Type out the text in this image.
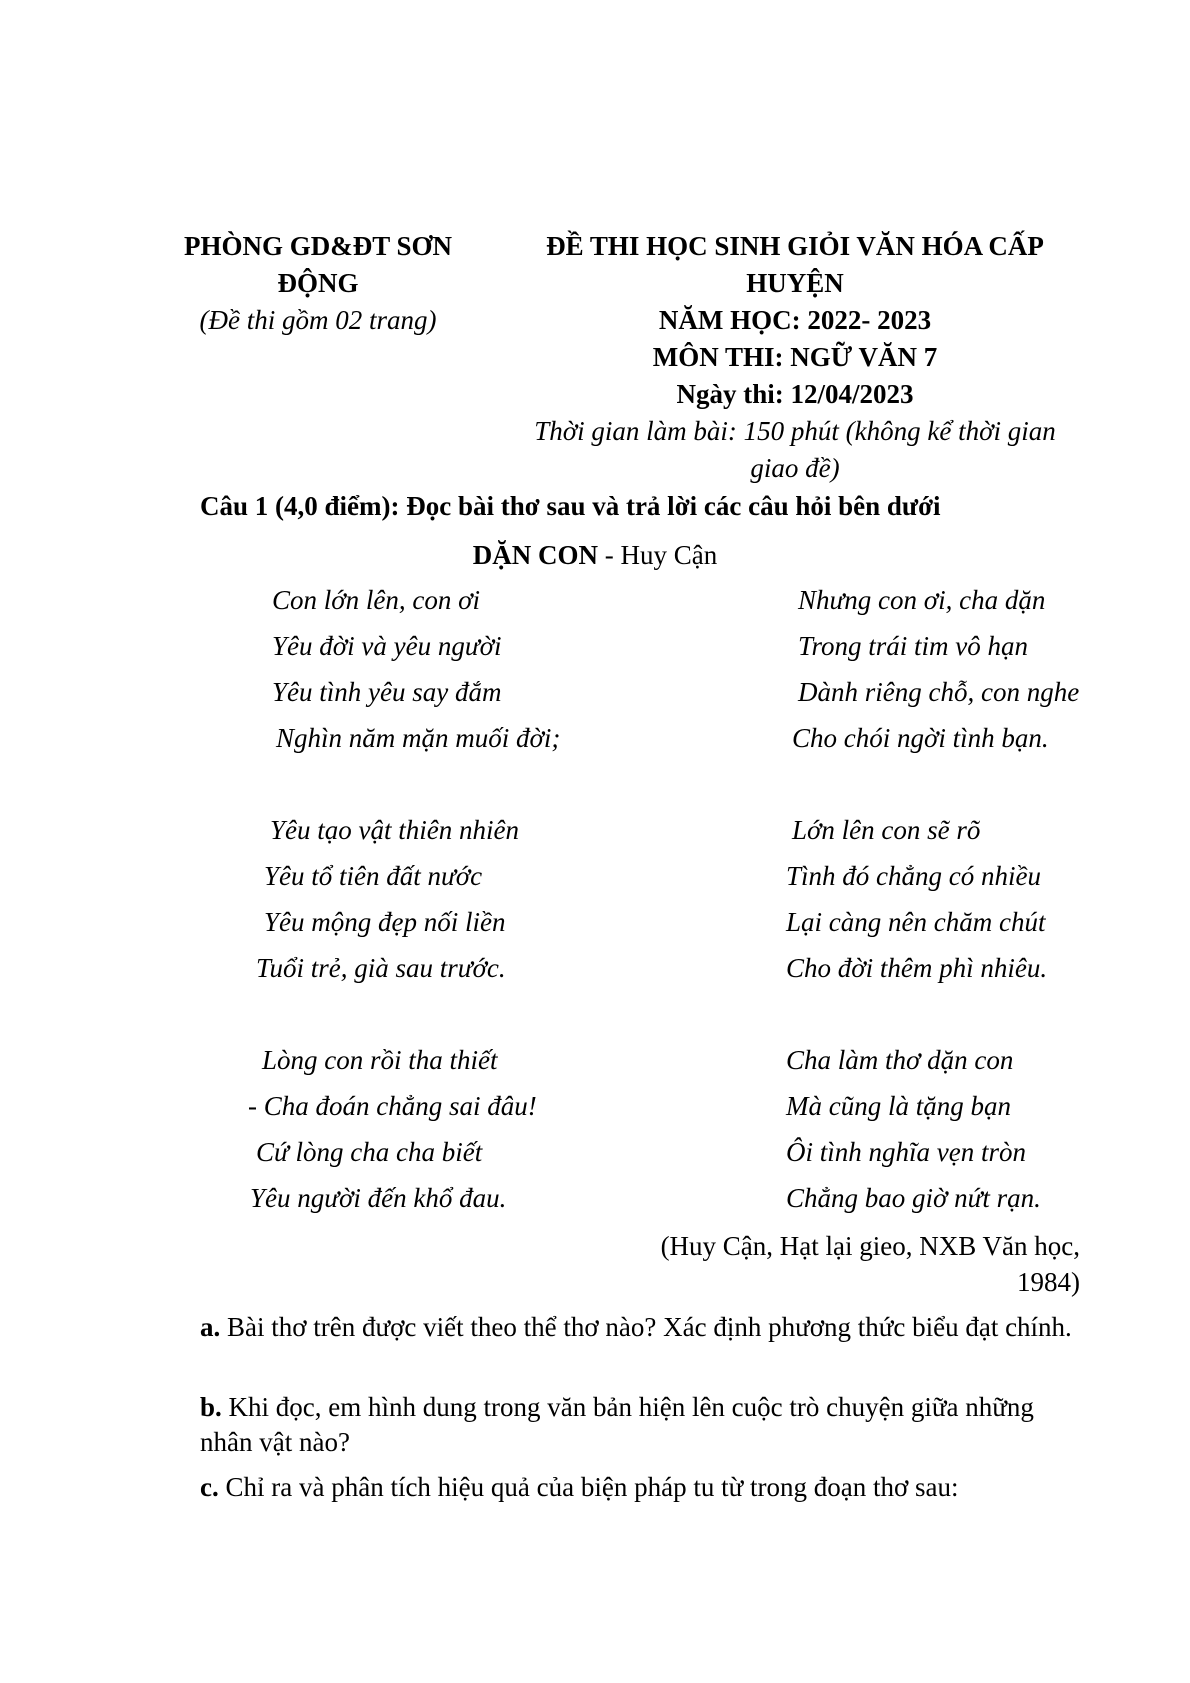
PHÒNG GD&ĐT SƠN
ĐỘNG
(Đề thi gồm 02 trang)
ĐỀ THI HỌC SINH GIỎI VĂN HÓA CẤP
HUYỆN
NĂM HỌC: 2022- 2023
MÔN THI: NGỮ VĂN 7
Ngày thi: 12/04/2023
Thời gian làm bài: 150 phút (không kể thời gian
giao đề)
Câu 1 (4,0 điểm): Đọc bài thơ sau và trả lời các câu hỏi bên dưới
DẶN CON - Huy Cận
Con lớn lên, con ơi
Yêu đời và yêu người
Yêu tình yêu say đắm
Nghìn năm mặn muối đời;
Yêu tạo vật thiên nhiên
Yêu tổ tiên đất nước
Yêu mộng đẹp nối liền
Tuổi trẻ, già sau trước.
Lòng con rồi tha thiết
- Cha đoán chẳng sai đâu!
Cứ lòng cha cha biết
Yêu người đến khổ đau.
Nhưng con ơi, cha dặn
Trong trái tim vô hạn
Dành riêng chỗ, con nghe
Cho chói ngời tình bạn.
Lớn lên con sẽ rõ
Tình đó chẳng có nhiều
Lại càng nên chăm chút
Cho đời thêm phì nhiêu.
Cha làm thơ dặn con
Mà cũng là tặng bạn
Ôi tình nghĩa vẹn tròn
Chẳng bao giờ nứt rạn.
(Huy Cận, Hạt lại gieo, NXB Văn học,
1984)
a. Bài thơ trên được viết theo thể thơ nào? Xác định phương thức biểu đạt chính.
b. Khi đọc, em hình dung trong văn bản hiện lên cuộc trò chuyện giữa những nhân vật nào?
c. Chỉ ra và phân tích hiệu quả của biện pháp tu từ trong đoạn thơ sau:
